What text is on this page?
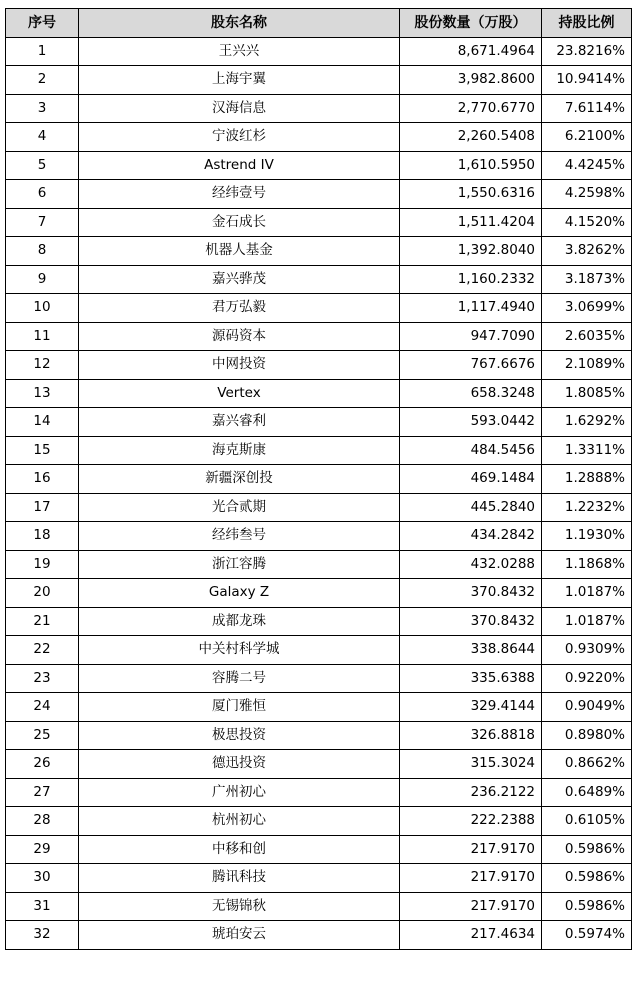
序号	股东名称	股份数量（万股）	持股比例
1	王兴兴	8,671.4964	23.8216%
2	上海宇翼	3,982.8600	10.9414%
3	汉海信息	2,770.6770	7.6114%
4	宁波红杉	2,260.5408	6.2100%
5	Astrend IV	1,610.5950	4.4245%
6	经纬壹号	1,550.6316	4.2598%
7	金石成长	1,511.4204	4.1520%
8	机器人基金	1,392.8040	3.8262%
9	嘉兴骅茂	1,160.2332	3.1873%
10	君万弘毅	1,117.4940	3.0699%
11	源码资本	947.7090	2.6035%
12	中网投资	767.6676	2.1089%
13	Vertex	658.3248	1.8085%
14	嘉兴睿利	593.0442	1.6292%
15	海克斯康	484.5456	1.3311%
16	新疆深创投	469.1484	1.2888%
17	光合贰期	445.2840	1.2232%
18	经纬叁号	434.2842	1.1930%
19	浙江容腾	432.0288	1.1868%
20	Galaxy Z	370.8432	1.0187%
21	成都龙珠	370.8432	1.0187%
22	中关村科学城	338.8644	0.9309%
23	容腾二号	335.6388	0.9220%
24	厦门雅恒	329.4144	0.9049%
25	极思投资	326.8818	0.8980%
26	德迅投资	315.3024	0.8662%
27	广州初心	236.2122	0.6489%
28	杭州初心	222.2388	0.6105%
29	中移和创	217.9170	0.5986%
30	腾讯科技	217.9170	0.5986%
31	无锡锦秋	217.9170	0.5986%
32	琥珀安云	217.4634	0.5974%
